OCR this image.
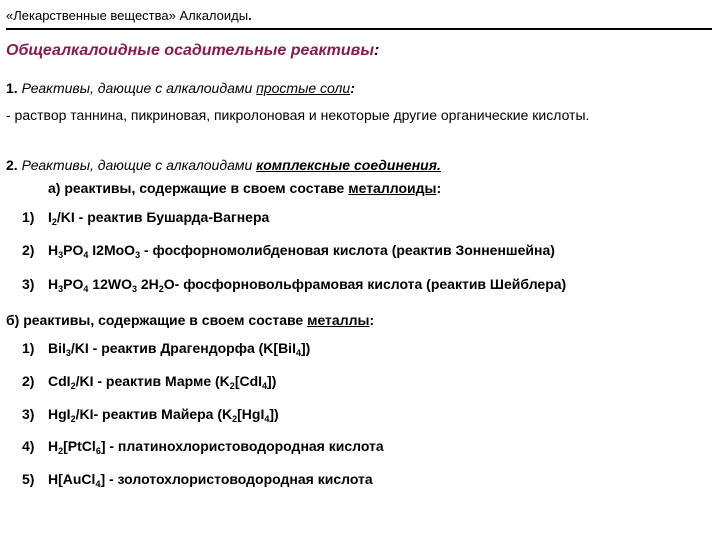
«Лекарственные вещества» Алкалоиды.
Общеалкалоидные осадительные реактивы:
1. Реактивы, дающие с алкалоидами простые соли:
- раствор таннина, пикриновая, пикролоновая и некоторые другие органические кислоты.
2. Реактивы, дающие с алкалоидами комплексные соединения.
а) реактивы, содержащие в своем составе металлоиды:
1) $I_2/KI$ - реактив Бушарда-Вагнера
2) $H_3PO_4$ I2MoO$_3$ - фосфорномолибденовая кислота (реактив Зонненшейна)
3) $H_3PO_4$ $12WO_3$ $2H_2O-$ фосфорновольфрамовая кислота (реактив Шейблера)
б) реактивы, содержащие в своем составе металлы:
1) BiI$_3$/KI - реактив Драгендорфа (K[BiI$_4$])
2) CdI$_2$/KI - реактив Марме $(K_2[CdI_4])$
3) HgI$_2$/KI- реактив Майера $(K_2[HgI_4])$
4) $H_2[PtCl_6]$ - платинохлористоводородная кислота
5) H[AuCl$_4$] - золотохлористоводородная кислота
